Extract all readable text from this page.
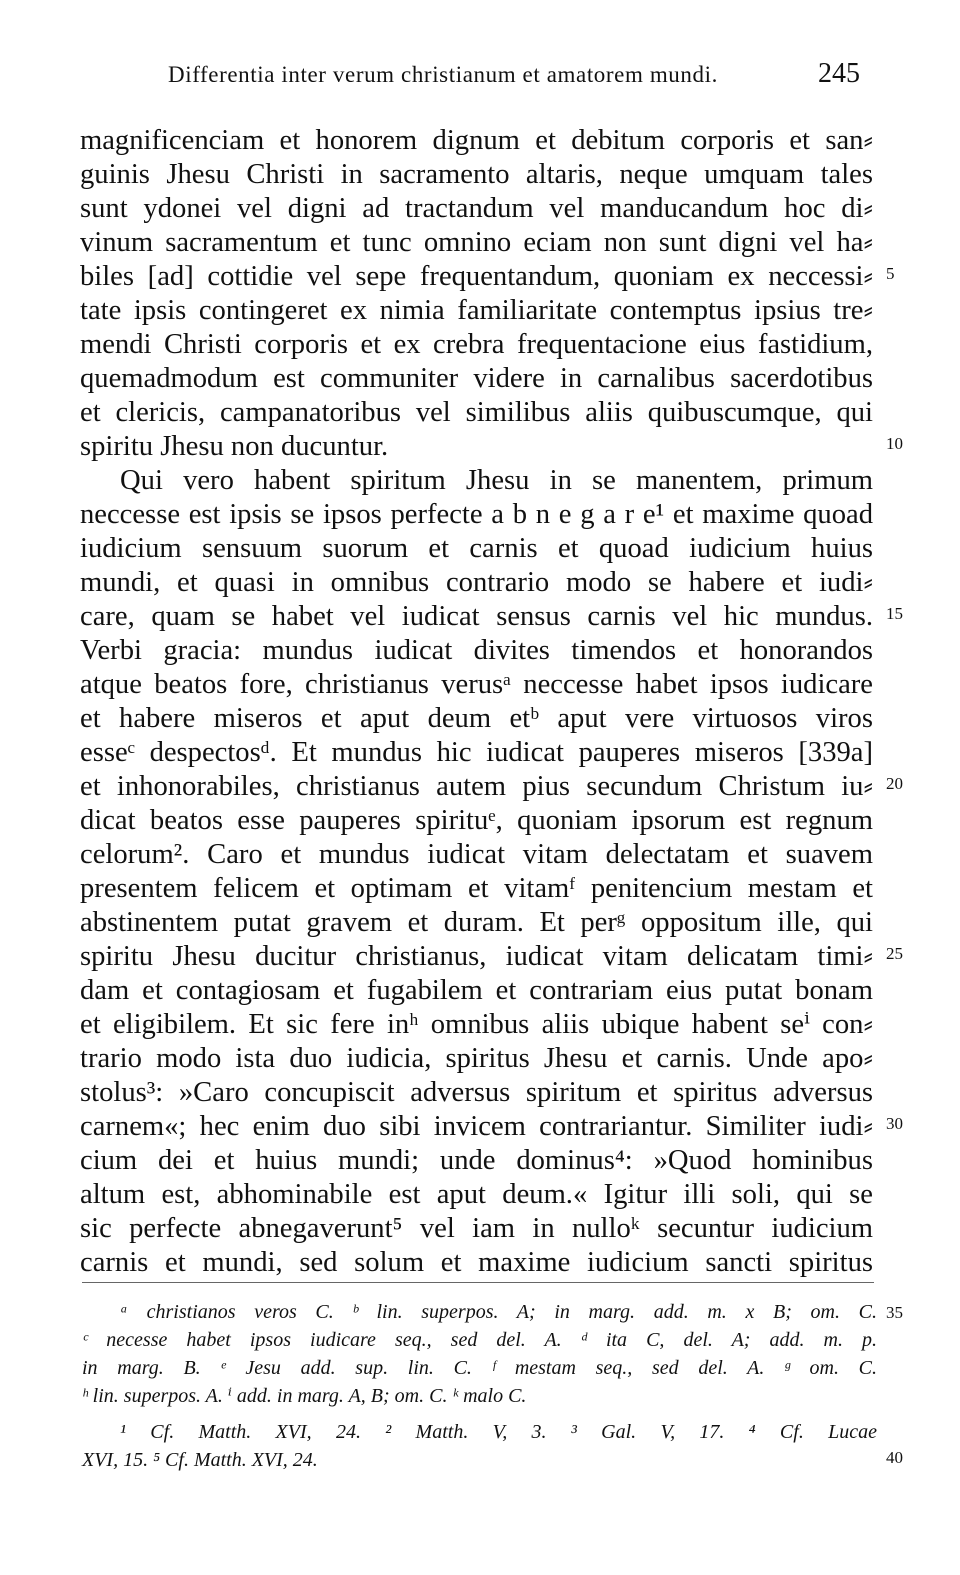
Differentia inter verum christianum et amatorem mundi.	245
magnificenciam et honorem dignum et debitum corporis et san⸗
guinis Jhesu Christi in sacramento altaris, neque umquam tales
sunt ydonei vel digni ad tractandum vel manducandum hoc di⸗
vinum sacramentum et tunc omnino eciam non sunt digni vel ha⸗
biles [ad] cottidie vel sepe frequentandum, quoniam ex neccessi⸗
tate ipsis contingeret ex nimia familiaritate contemptus ipsius tre⸗
mendi Christi corporis et ex crebra frequentacione eius fastidium,
quemadmodum est communiter videre in carnalibus sacerdotibus
et clericis, campanatoribus vel similibus aliis quibuscumque, qui
spiritu Jhesu non ducuntur.
Qui vero habent spiritum Jhesu in se manentem, primum
neccesse est ipsis se ipsos perfecte a b n e g a r e¹ et maxime quoad
iudicium sensuum suorum et carnis et quoad iudicium huius
mundi, et quasi in omnibus contrario modo se habere et iudi⸗
care, quam se habet vel iudicat sensus carnis vel hic mundus.
Verbi gracia: mundus iudicat divites timendos et honorandos
atque beatos fore, christianus verusᵃ neccesse habet ipsos iudicare
et habere miseros et aput deum etᵇ aput vere virtuosos viros
esseᶜ despectosᵈ. Et mundus hic iudicat pauperes miseros [339a]
et inhonorabiles, christianus autem pius secundum Christum iu⸗
dicat beatos esse pauperes spirituᵉ, quoniam ipsorum est regnum
celorum². Caro et mundus iudicat vitam delectatam et suavem
presentem felicem et optimam et vitamᶠ penitencium mestam et
abstinentem putat gravem et duram. Et perᵍ oppositum ille, qui
spiritu Jhesu ducitur christianus, iudicat vitam delicatam timi⸗
dam et contagiosam et fugabilem et contrariam eius putat bonam
et eligibilem. Et sic fere inʰ omnibus aliis ubique habent seⁱ con⸗
trario modo ista duo iudicia, spiritus Jhesu et carnis. Unde apo⸗
stolus³: »Caro concupiscit adversus spiritum et spiritus adversus
carnem«; hec enim duo sibi invicem contrariantur. Similiter iudi⸗
cium dei et huius mundi; unde dominus⁴: »Quod hominibus
altum est, abhominabile est aput deum.« Igitur illi soli, qui se
sic perfecte abnegaverunt⁵ vel iam in nulloᵏ secuntur iudicium
carnis et mundi, sed solum et maxime iudicium sancti spiritus
5
10
15
20
25
30
35
40
ᵃ christianos veros C. ᵇ lin. superpos. A; in marg. add. m. x B; om. C.
ᶜ necesse habet ipsos iudicare seq., sed del. A. ᵈ ita C, del. A; add. m. p.
in marg. B. ᵉ Jesu add. sup. lin. C. ᶠ mestam seq., sed del. A. ᵍ om. C.
ʰ lin. superpos. A. ⁱ add. in marg. A, B; om. C. ᵏ malo C.
¹ Cf. Matth. XVI, 24. ² Matth. V, 3. ³ Gal. V, 17. ⁴ Cf. Lucae
XVI, 15. ⁵ Cf. Matth. XVI, 24.
